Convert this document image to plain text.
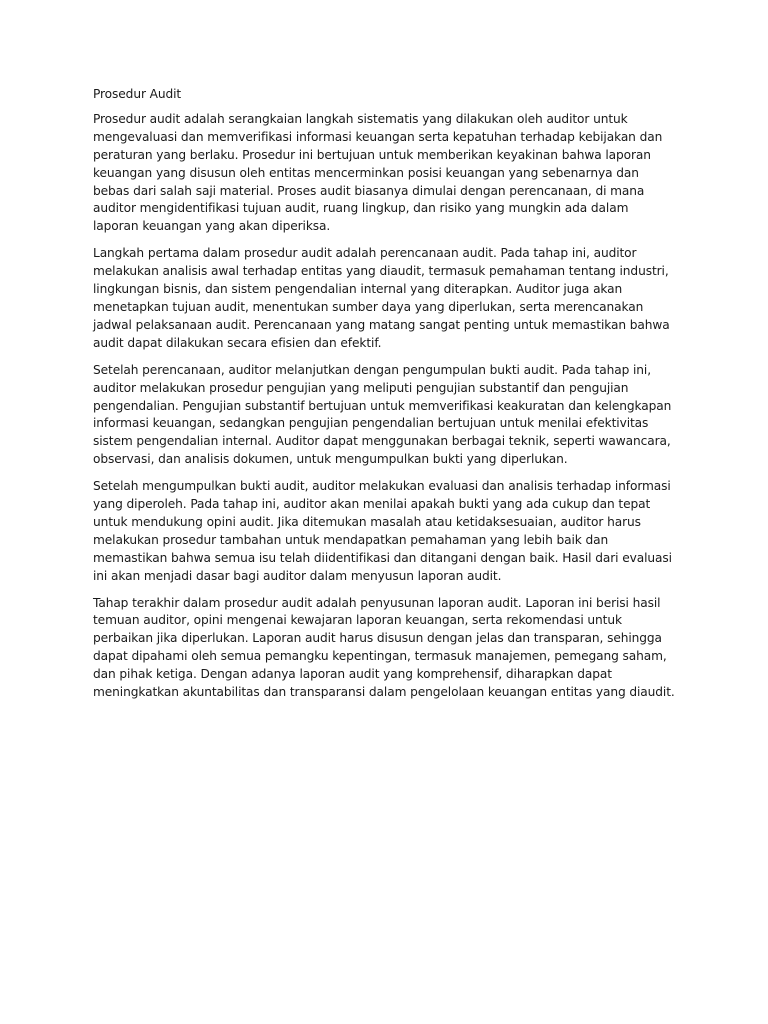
Prosedur Audit

Prosedur audit adalah serangkaian langkah sistematis yang dilakukan oleh auditor untuk mengevaluasi dan memverifikasi informasi keuangan serta kepatuhan terhadap kebijakan dan peraturan yang berlaku. Prosedur ini bertujuan untuk memberikan keyakinan bahwa laporan keuangan yang disusun oleh entitas mencerminkan posisi keuangan yang sebenarnya dan bebas dari salah saji material. Proses audit biasanya dimulai dengan perencanaan, di mana auditor mengidentifikasi tujuan audit, ruang lingkup, dan risiko yang mungkin ada dalam laporan keuangan yang akan diperiksa.

Langkah pertama dalam prosedur audit adalah perencanaan audit. Pada tahap ini, auditor melakukan analisis awal terhadap entitas yang diaudit, termasuk pemahaman tentang industri, lingkungan bisnis, dan sistem pengendalian internal yang diterapkan. Auditor juga akan menetapkan tujuan audit, menentukan sumber daya yang diperlukan, serta merencanakan jadwal pelaksanaan audit. Perencanaan yang matang sangat penting untuk memastikan bahwa audit dapat dilakukan secara efisien dan efektif.

Setelah perencanaan, auditor melanjutkan dengan pengumpulan bukti audit. Pada tahap ini, auditor melakukan prosedur pengujian yang meliputi pengujian substantif dan pengujian pengendalian. Pengujian substantif bertujuan untuk memverifikasi keakuratan dan kelengkapan informasi keuangan, sedangkan pengujian pengendalian bertujuan untuk menilai efektivitas sistem pengendalian internal. Auditor dapat menggunakan berbagai teknik, seperti wawancara, observasi, dan analisis dokumen, untuk mengumpulkan bukti yang diperlukan.

Setelah mengumpulkan bukti audit, auditor melakukan evaluasi dan analisis terhadap informasi yang diperoleh. Pada tahap ini, auditor akan menilai apakah bukti yang ada cukup dan tepat untuk mendukung opini audit. Jika ditemukan masalah atau ketidaksesuaian, auditor harus melakukan prosedur tambahan untuk mendapatkan pemahaman yang lebih baik dan memastikan bahwa semua isu telah diidentifikasi dan ditangani dengan baik. Hasil dari evaluasi ini akan menjadi dasar bagi auditor dalam menyusun laporan audit.

Tahap terakhir dalam prosedur audit adalah penyusunan laporan audit. Laporan ini berisi hasil temuan auditor, opini mengenai kewajaran laporan keuangan, serta rekomendasi untuk perbaikan jika diperlukan. Laporan audit harus disusun dengan jelas dan transparan, sehingga dapat dipahami oleh semua pemangku kepentingan, termasuk manajemen, pemegang saham, dan pihak ketiga. Dengan adanya laporan audit yang komprehensif, diharapkan dapat meningkatkan akuntabilitas dan transparansi dalam pengelolaan keuangan entitas yang diaudit.
